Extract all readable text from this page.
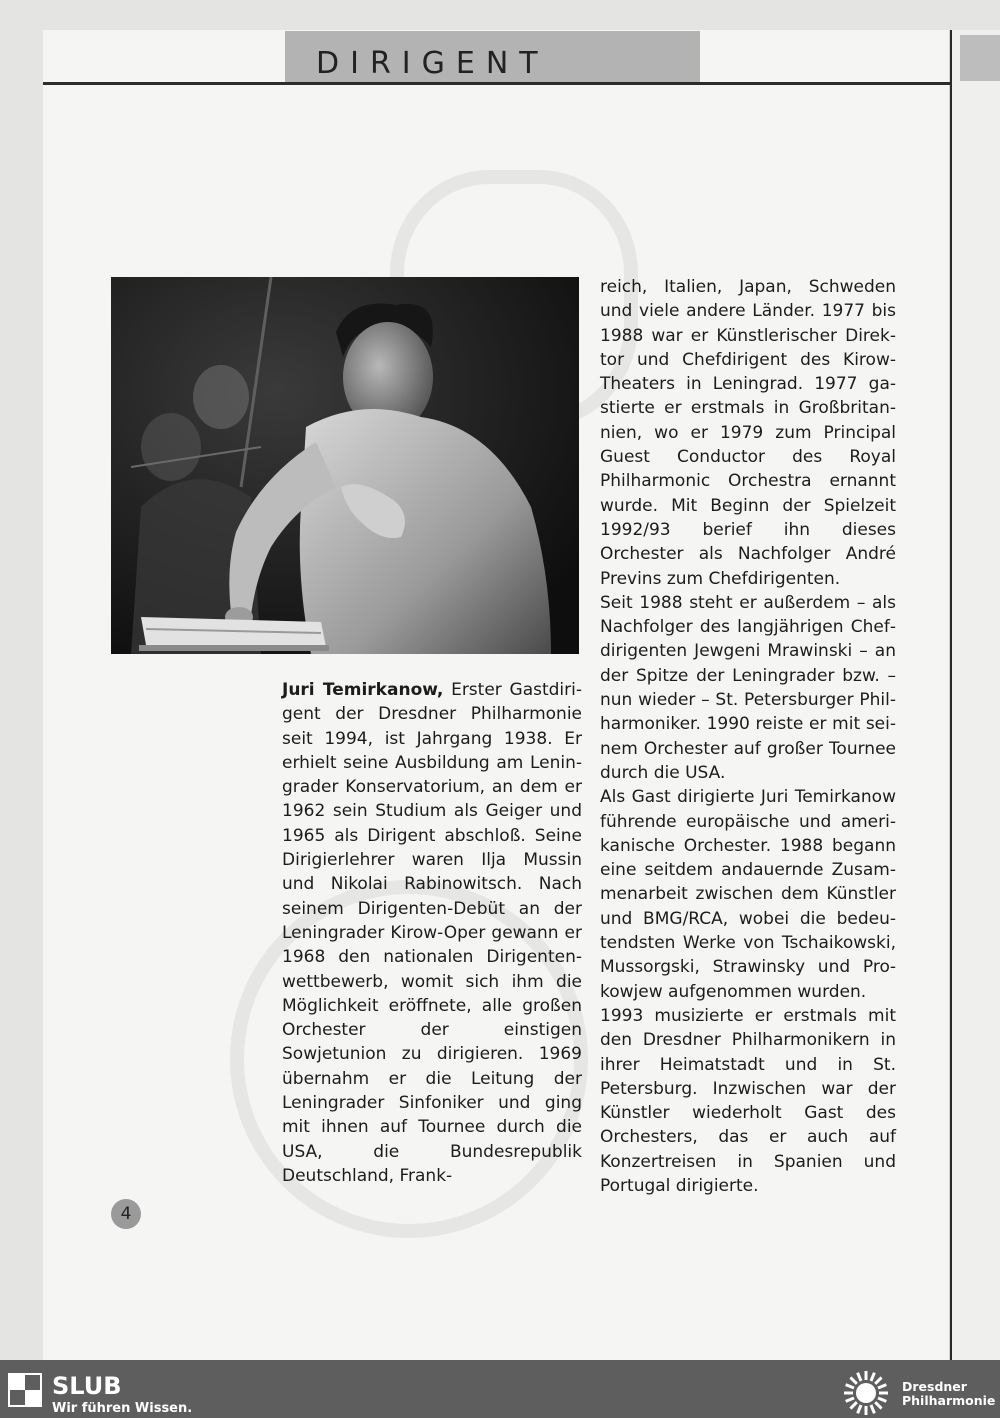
DIRIGENT

Juri Temirkanow, Erster Gastdirigent der Dresdner Philharmonie seit 1994, ist Jahrgang 1938. Er erhielt seine Ausbildung am Leningrader Konservatorium, an dem er 1962 sein Studium als Geiger und 1965 als Dirigent abschloß. Seine Dirigierlehrer waren Ilja Mussin und Nikolai Rabinowitsch. Nach seinem Dirigenten-Debüt an der Leningrader Kirow-Oper gewann er 1968 den nationalen Dirigentenwettbewerb, womit sich ihm die Möglichkeit eröffnete, alle großen Orchester der einstigen Sowjetunion zu dirigieren. 1969 übernahm er die Leitung der Leningrader Sinfoniker und ging mit ihnen auf Tournee durch die USA, die Bundesrepublik Deutschland, Frank-

reich, Italien, Japan, Schweden und viele andere Länder. 1977 bis 1988 war er Künstlerischer Direktor und Chefdirigent des Kirow-Theaters in Leningrad. 1977 gastierte er erstmals in Großbritannien, wo er 1979 zum Principal Guest Conductor des Royal Philharmonic Orchestra ernannt wurde. Mit Beginn der Spielzeit 1992/93 berief ihn dieses Orchester als Nachfolger André Previns zum Chefdirigenten.

Seit 1988 steht er außerdem – als Nachfolger des langjährigen Chefdirigenten Jewgeni Mrawinski – an der Spitze der Leningrader bzw. – nun wieder – St. Petersburger Philharmoniker. 1990 reiste er mit seinem Orchester auf großer Tournee durch die USA.

Als Gast dirigierte Juri Temirkanow führende europäische und amerikanische Orchester. 1988 begann eine seitdem andauernde Zusammenarbeit zwischen dem Künstler und BMG/RCA, wobei die bedeutendsten Werke von Tschaikowski, Mussorgski, Strawinsky und Prokowjew aufgenommen wurden.

1993 musizierte er erstmals mit den Dresdner Philharmonikern in ihrer Heimatstadt und in St. Petersburg. Inzwischen war der Künstler wiederholt Gast des Orchesters, das er auch auf Konzertreisen in Spanien und Portugal dirigierte.

4
SLUB
Wir führen Wissen.
Dresdner
Philharmonie
